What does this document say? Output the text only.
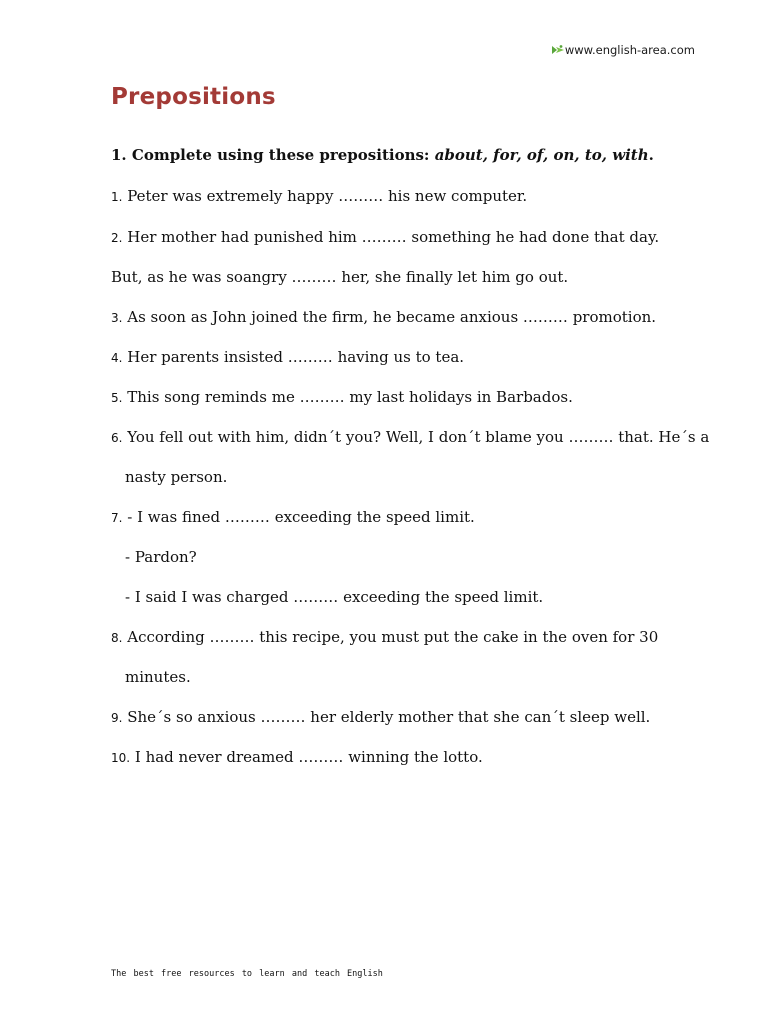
www.english-area.com
Prepositions

1. Complete using these prepositions: about, for, of, on, to, with.

1. Peter was extremely happy ……… his new computer.

2. Her mother had punished him ……… something he had done that day.

But, as he was soangry ……… her, she finally let him go out.

3. As soon as John joined the firm, he became anxious ……… promotion.

4. Her parents insisted ……… having us to tea.

5. This song reminds me ……… my last holidays in Barbados.

6. You fell out with him, didn´t you? Well, I don´t blame you ……… that. He´s a

nasty person.

7. - I was fined ……… exceeding the speed limit.

- Pardon?

- I said I was charged ……… exceeding the speed limit.

8. According ……… this recipe, you must put the cake in the oven for 30

minutes.

9. She´s so anxious ……… her elderly mother that she can´t sleep well.

10. I had never dreamed ……… winning the lotto.

The best free resources to learn and teach English
